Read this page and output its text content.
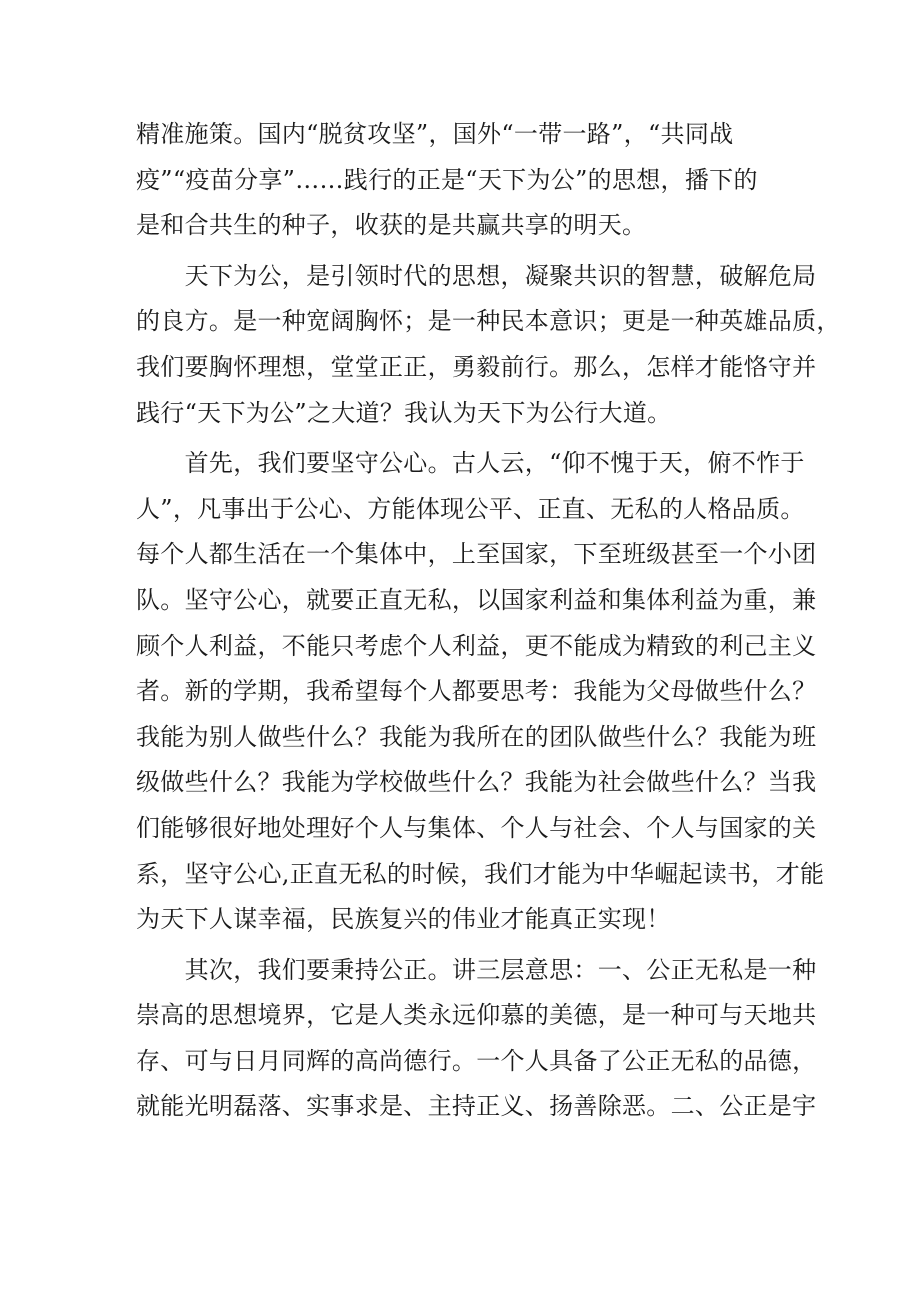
精准施策。国内“脱贫攻坚”，国外“一带一路”，“共同战
疫”“疫苗分享”……践行的正是“天下为公”的思想，播下的
是和合共生的种子，收获的是共赢共享的明天。
　　天下为公，是引领时代的思想，凝聚共识的智慧，破解危局
的良方。是一种宽阔胸怀；是一种民本意识；更是一种英雄品质，
我们要胸怀理想，堂堂正正，勇毅前行。那么，怎样才能恪守并
践行“天下为公”之大道？我认为天下为公行大道。
　　首先，我们要坚守公心。古人云，“仰不愧于天，俯不怍于
人”，凡事出于公心、方能体现公平、正直、无私的人格品质。
每个人都生活在一个集体中，上至国家，下至班级甚至一个小团
队。坚守公心，就要正直无私，以国家利益和集体利益为重，兼
顾个人利益，不能只考虑个人利益，更不能成为精致的利己主义
者。新的学期，我希望每个人都要思考：我能为父母做些什么？
我能为别人做些什么？我能为我所在的团队做些什么？我能为班
级做些什么？我能为学校做些什么？我能为社会做些什么？当我
们能够很好地处理好个人与集体、个人与社会、个人与国家的关
系，坚守公心,正直无私的时候，我们才能为中华崛起读书，才能
为天下人谋幸福，民族复兴的伟业才能真正实现！
　　其次，我们要秉持公正。讲三层意思：一、公正无私是一种
崇高的思想境界，它是人类永远仰慕的美德，是一种可与天地共
存、可与日月同辉的高尚德行。一个人具备了公正无私的品德，
就能光明磊落、实事求是、主持正义、扬善除恶。二、公正是宇
